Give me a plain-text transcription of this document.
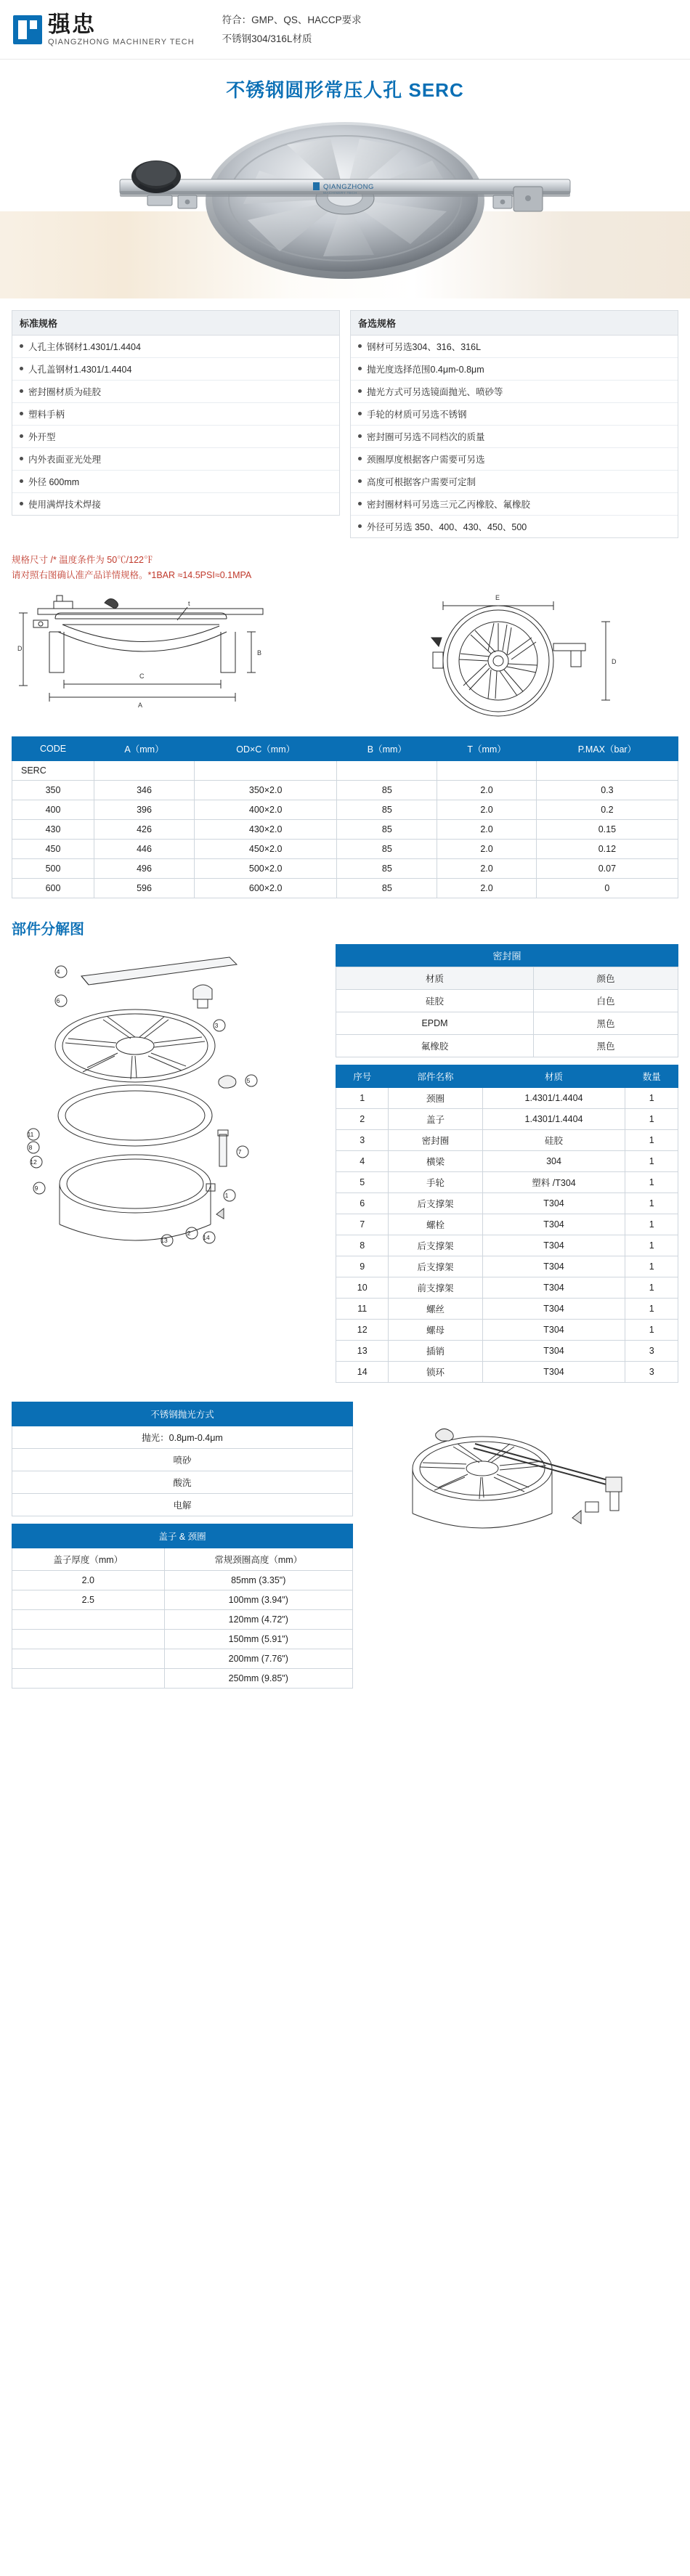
强忠
QIANGZHONG MACHINERY TECH
符合：GMP、QS、HACCP要求
不锈钢304/316L材质
不锈钢圆形常压人孔 SERC
QIANGZHONG
MACHINERY TECH
标准规格
人孔主体钢材1.4301/1.4404
人孔盖钢材1.4301/1.4404
密封圈材质为硅胶
塑料手柄
外开型
内外表面亚光处理
外径 600mm
使用满焊技术焊接
备选规格
钢材可另选304、316、316L
抛光度选择范围0.4μm-0.8μm
抛光方式可另选镜面抛光、喷砂等
手轮的材质可另选不锈钢
密封圈可另选不同档次的质量
颈圈厚度根据客户需要可另选
高度可根据客户需要可定制
密封圈材料可另选三元乙丙橡胶、氟橡胶
外径可另选 350、400、430、450、500
规格尺寸 /* 温度条件为 50℃/122℉
请对照右图确认准产品详情规格。*1BAR ≈14.5PSI≈0.1MPA
D
A
C
t
B
E
D
CODE	A（mm）	OD×C（mm）	B（mm）	T（mm）	P.MAX（bar）
SERC					
350	346	350×2.0	85	2.0	0.3
400	396	400×2.0	85	2.0	0.2
430	426	430×2.0	85	2.0	0.15
450	446	450×2.0	85	2.0	0.12
500	496	500×2.0	85	2.0	0.07
600	596	600×2.0	85	2.0	0
部件分解图
4
6
3
11
8
12
9
5
7
1
2
14
13
密封圈
材质	颜色
硅胶	白色
EPDM	黑色
氟橡胶	黑色
序号	部件名称	材质	数量
1	颈圈	1.4301/1.4404	1
2	盖子	1.4301/1.4404	1
3	密封圈	硅胶	1
4	横梁	304	1
5	手轮	塑料 /T304	1
6	后支撑架	T304	1
7	螺栓	T304	1
8	后支撑架	T304	1
9	后支撑架	T304	1
10	前支撑架	T304	1
11	螺丝	T304	1
12	螺母	T304	1
13	插销	T304	3
14	锁环	T304	3
不锈钢抛光方式
抛光：0.8μm-0.4μm
喷砂
酸洗
电解
盖子 & 颈圈	
盖子厚度（mm）	常规颈圈高度（mm）
2.0	85mm (3.35")
2.5	100mm (3.94")
	120mm (4.72")
	150mm (5.91")
	200mm (7.76")
	250mm (9.85")
